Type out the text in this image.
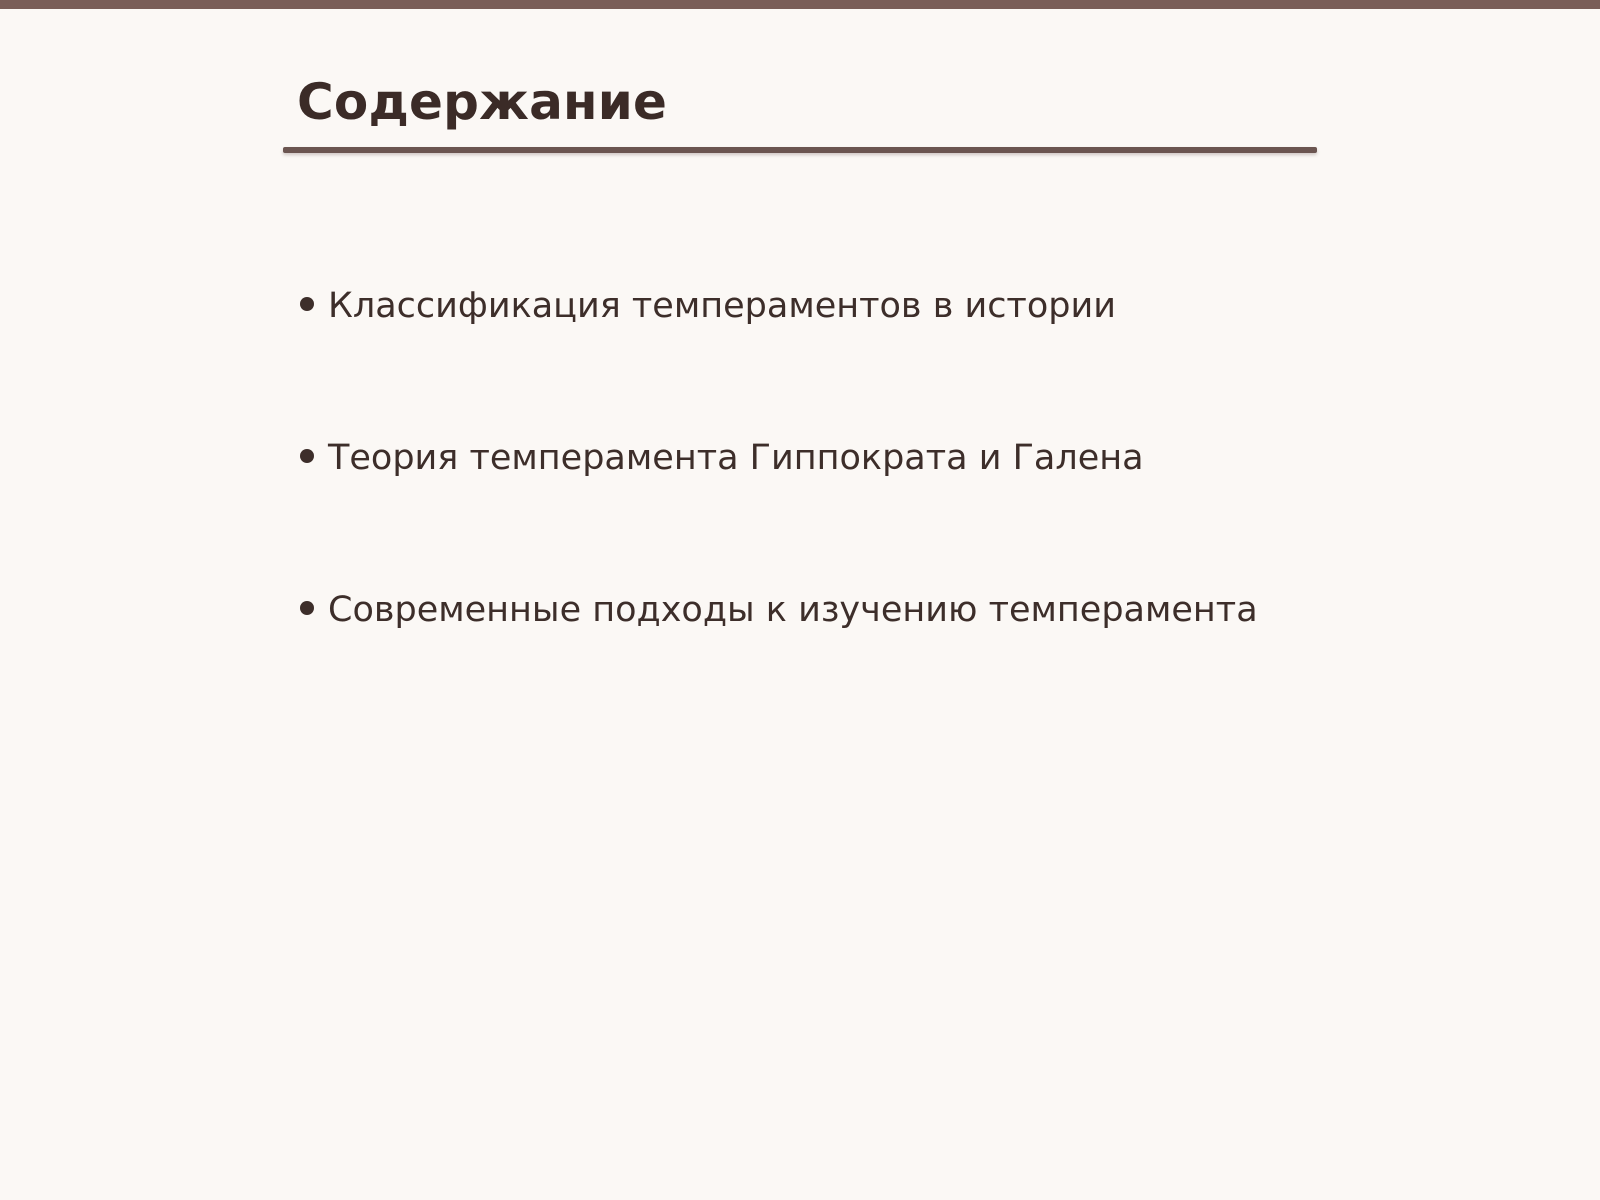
Содержание
Классификация темпераментов в истории
Теория темперамента Гиппократа и Галена
Современные подходы к изучению темперамента
